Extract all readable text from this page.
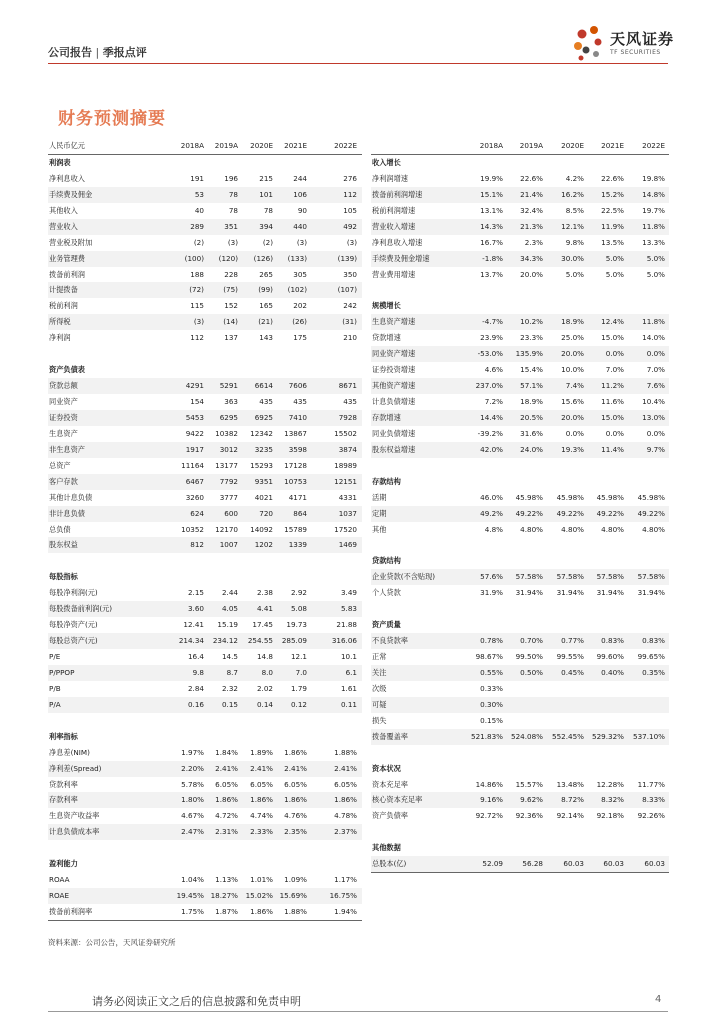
公司报告 | 季报点评
天风证券
TF SECURITIES
财务预测摘要
人民币亿元	2018A	2019A	2020E	2021E	2022E
利润表
净利息收入	191	196	215	244	276
手续费及佣金	53	78	101	106	112
其他收入	40	78	78	90	105
营业收入	289	351	394	440	492
营业税及附加	(2)	(3)	(2)	(3)	(3)
业务管理费	(100)	(120)	(126)	(133)	(139)
拨备前利润	188	228	265	305	350
计提拨备	(72)	(75)	(99)	(102)	(107)
税前利润	115	152	165	202	242
所得税	(3)	(14)	(21)	(26)	(31)
净利润	112	137	143	175	210
资产负债表
贷款总额	4291	5291	6614	7606	8671
同业资产	154	363	435	435	435
证券投资	5453	6295	6925	7410	7928
生息资产	9422	10382	12342	13867	15502
非生息资产	1917	3012	3235	3598	3874
总资产	11164	13177	15293	17128	18989
客户存款	6467	7792	9351	10753	12151
其他计息负债	3260	3777	4021	4171	4331
非计息负债	624	600	720	864	1037
总负债	10352	12170	14092	15789	17520
股东权益	812	1007	1202	1339	1469
每股指标
每股净利润(元)	2.15	2.44	2.38	2.92	3.49
每股拨备前利润(元)	3.60	4.05	4.41	5.08	5.83
每股净资产(元)	12.41	15.19	17.45	19.73	21.88
每股总资产(元)	214.34	234.12	254.55	285.09	316.06
P/E	16.4	14.5	14.8	12.1	10.1
P/PPOP	9.8	8.7	8.0	7.0	6.1
P/B	2.84	2.32	2.02	1.79	1.61
P/A	0.16	0.15	0.14	0.12	0.11
利率指标
净息差(NIM)	1.97%	1.84%	1.89%	1.86%	1.88%
净利差(Spread)	2.20%	2.41%	2.41%	2.41%	2.41%
贷款利率	5.78%	6.05%	6.05%	6.05%	6.05%
存款利率	1.80%	1.86%	1.86%	1.86%	1.86%
生息资产收益率	4.67%	4.72%	4.74%	4.76%	4.78%
计息负债成本率	2.47%	2.31%	2.33%	2.35%	2.37%
盈利能力
ROAA	1.04%	1.13%	1.01%	1.09%	1.17%
ROAE	19.45% 18.27%	15.02% 15.69%	16.75%
拨备前利润率	1.75%	1.87%	1.86%	1.88%	1.94%
2018A	2019A	2020E	2021E	2022E
收入增长
净利润增速	19.9%	22.6%	4.2%	22.6%	19.8%
拨备前利润增速	15.1%	21.4%	16.2%	15.2%	14.8%
税前利润增速	13.1%	32.4%	8.5%	22.5%	19.7%
营业收入增速	14.3%	21.3%	12.1%	11.9%	11.8%
净利息收入增速	16.7%	2.3%	9.8%	13.5%	13.3%
手续费及佣金增速	-1.8%	34.3%	30.0%	5.0%	5.0%
营业费用增速	13.7%	20.0%	5.0%	5.0%	5.0%
规模增长
生息资产增速	-4.7%	10.2%	18.9%	12.4%	11.8%
贷款增速	23.9%	23.3%	25.0%	15.0%	14.0%
同业资产增速	-53.0%	135.9%	20.0%	0.0%	0.0%
证券投资增速	4.6%	15.4%	10.0%	7.0%	7.0%
其他资产增速	237.0%	57.1%	7.4%	11.2%	7.6%
计息负债增速	7.2%	18.9%	15.6%	11.6%	10.4%
存款增速	14.4%	20.5%	20.0%	15.0%	13.0%
同业负债增速	-39.2%	31.6%	0.0%	0.0%	0.0%
股东权益增速	42.0%	24.0%	19.3%	11.4%	9.7%
存款结构
活期	46.0%	45.98%	45.98%	45.98%	45.98%
定期	49.2%	49.22%	49.22%	49.22%	49.22%
其他	4.8%	4.80%	4.80%	4.80%	4.80%
贷款结构
企业贷款(不含贴现)	57.6%	57.58%	57.58%	57.58%	57.58%
个人贷款	31.9%	31.94%	31.94%	31.94%	31.94%
资产质量
不良贷款率	0.78%	0.70%	0.77%	0.83%	0.83%
正常	98.67%	99.50%	99.55%	99.60%	99.65%
关注	0.55%	0.50%	0.45%	0.40%	0.35%
次级	0.33%
可疑	0.30%
损失	0.15%
拨备覆盖率	521.83%	524.08%	552.45%	529.32%	537.10%
资本状况
资本充足率	14.86%	15.57%	13.48%	12.28%	11.77%
核心资本充足率	9.16%	9.62%	8.72%	8.32%	8.33%
资产负债率	92.72%	92.36%	92.14%	92.18%	92.26%
其他数据
总股本(亿)	52.09	56.28	60.03	60.03	60.03
资料来源：公司公告，天风证券研究所
请务必阅读正文之后的信息披露和免责申明	4
